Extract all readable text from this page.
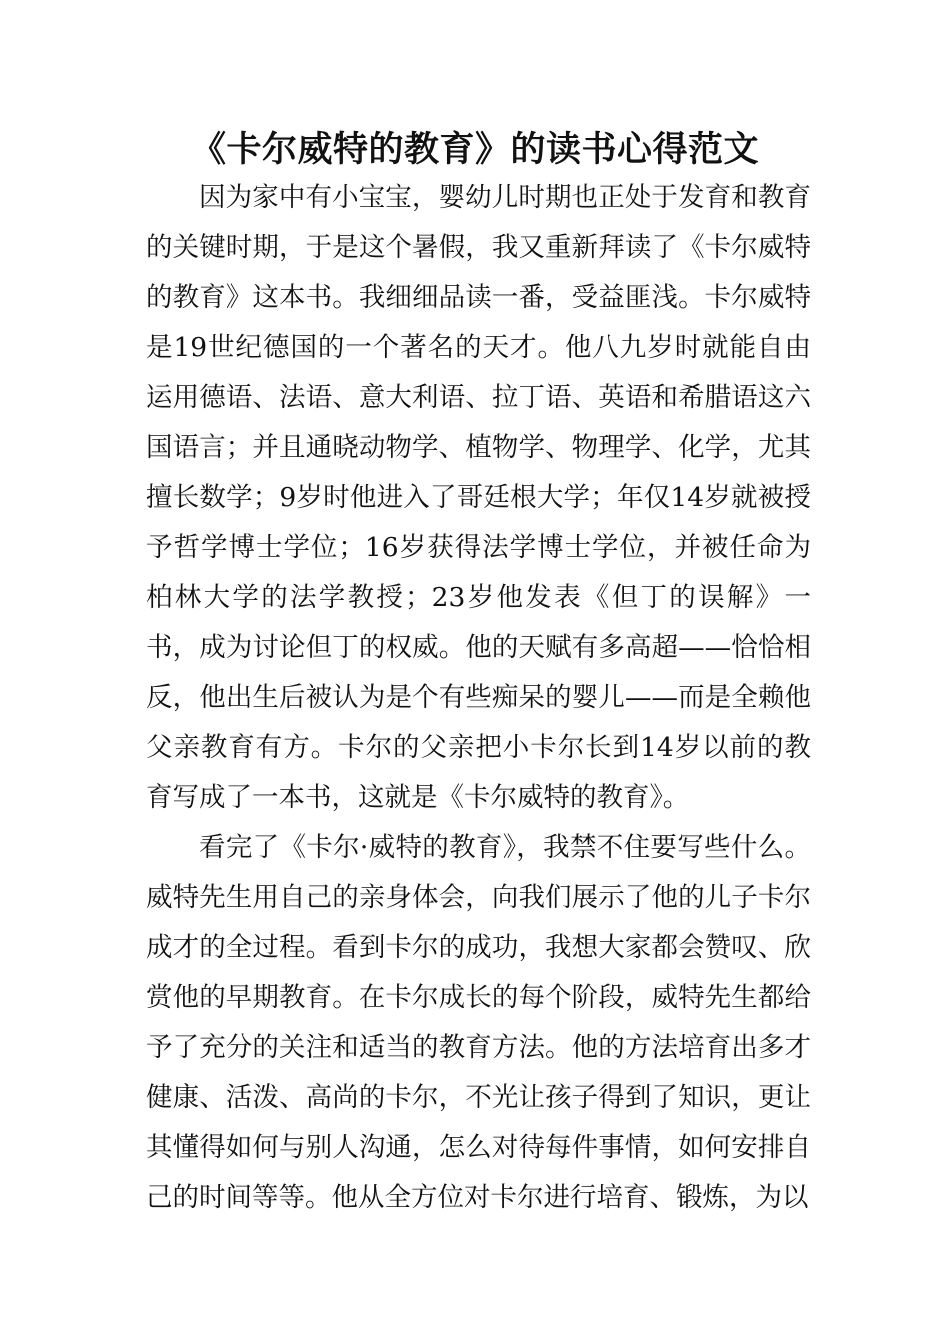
《卡尔威特的教育》的读书心得范文

因为家中有小宝宝，婴幼儿时期也正处于发育和教育的关键时期，于是这个暑假，我又重新拜读了《卡尔威特的教育》这本书。我细细品读一番，受益匪浅。卡尔威特是19世纪德国的一个著名的天才。他八九岁时就能自由运用德语、法语、意大利语、拉丁语、英语和希腊语这六国语言；并且通晓动物学、植物学、物理学、化学，尤其擅长数学；9岁时他进入了哥廷根大学；年仅14岁就被授予哲学博士学位；16岁获得法学博士学位，并被任命为柏林大学的法学教授；23岁他发表《但丁的误解》一书，成为讨论但丁的权威。他的天赋有多高超——恰恰相反，他出生后被认为是个有些痴呆的婴儿——而是全赖他父亲教育有方。卡尔的父亲把小卡尔长到14岁以前的教育写成了一本书，这就是《卡尔威特的教育》。

看完了《卡尔·威特的教育》，我禁不住要写些什么。威特先生用自己的亲身体会，向我们展示了他的儿子卡尔成才的全过程。看到卡尔的成功，我想大家都会赞叹、欣赏他的早期教育。在卡尔成长的每个阶段，威特先生都给予了充分的关注和适当的教育方法。他的方法培育出多才健康、活泼、高尚的卡尔，不光让孩子得到了知识，更让其懂得如何与别人沟通，怎么对待每件事情，如何安排自己的时间等等。他从全方位对卡尔进行培育、锻炼，为以
